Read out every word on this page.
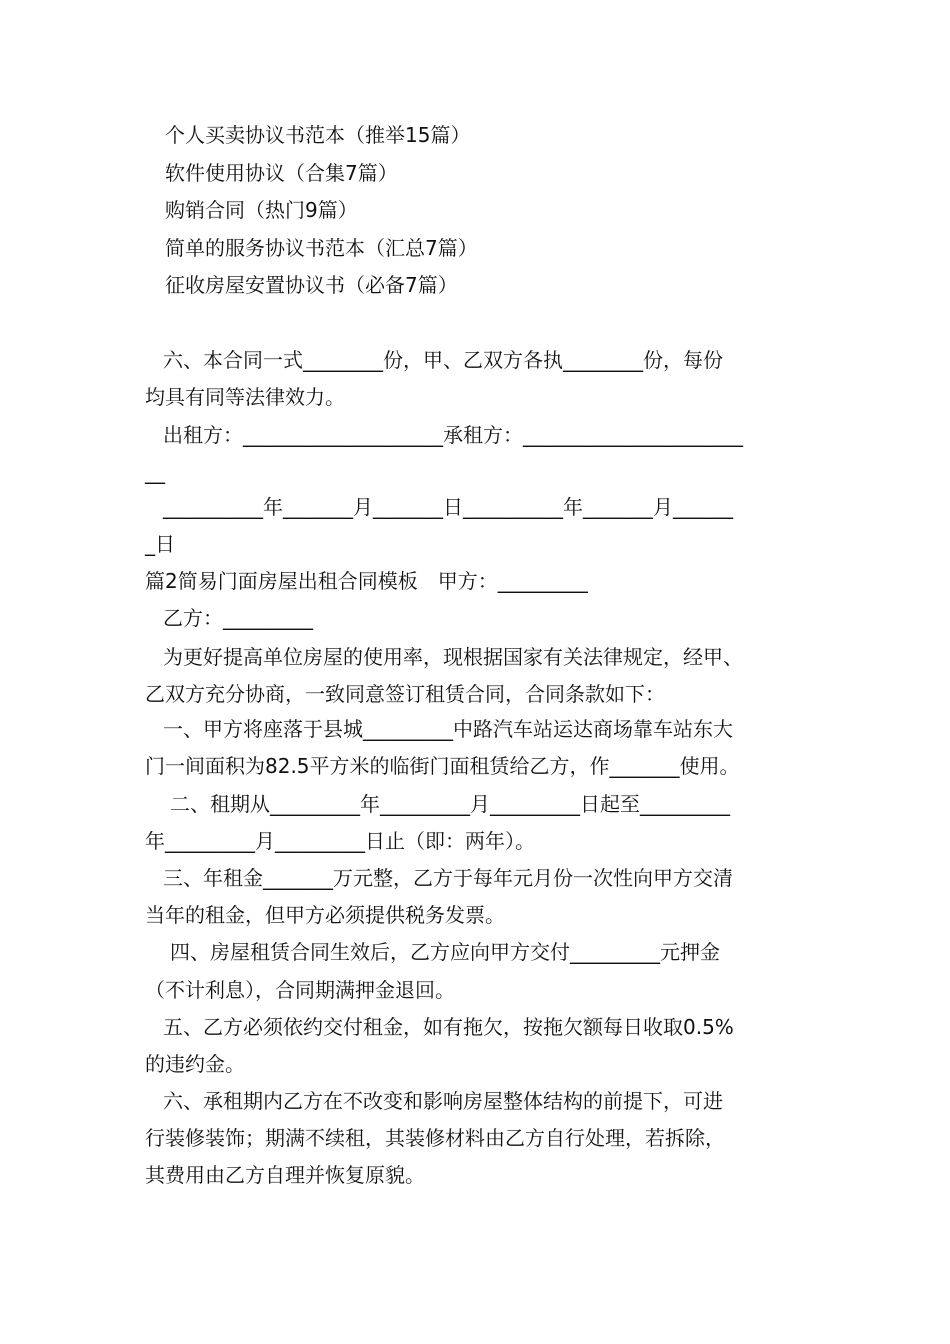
个人买卖协议书范本（推举15篇）
软件使用协议（合集7篇）
购销合同（热门9篇）
简单的服务协议书范本（汇总7篇）
征收房屋安置协议书（必备7篇）
六、本合同一式________份，甲、乙双方各执________份，每份
均具有同等法律效力。
出租方：____________________承租方：______________________
__
__________年_______月_______日__________年_______月______
_日
篇2简易门面房屋出租合同模板　甲方：_________
乙方：_________
为更好提高单位房屋的使用率，现根据国家有关法律规定，经甲、
乙双方充分协商，一致同意签订租赁合同，合同条款如下：
一、甲方将座落于县城_________中路汽车站运达商场靠车站东大
门一间面积为82.5平方米的临街门面租赁给乙方，作_______使用。
二、租期从_________年_________月_________日起至_________
年_________月_________日止（即：两年）。
三、年租金_______万元整，乙方于每年元月份一次性向甲方交清
当年的租金，但甲方必须提供税务发票。
四、房屋租赁合同生效后，乙方应向甲方交付_________元押金
（不计利息），合同期满押金退回。
五、乙方必须依约交付租金，如有拖欠，按拖欠额每日收取0.5%
的违约金。
六、承租期内乙方在不改变和影响房屋整体结构的前提下，可进
行装修装饰；期满不续租，其装修材料由乙方自行处理，若拆除，
其费用由乙方自理并恢复原貌。
